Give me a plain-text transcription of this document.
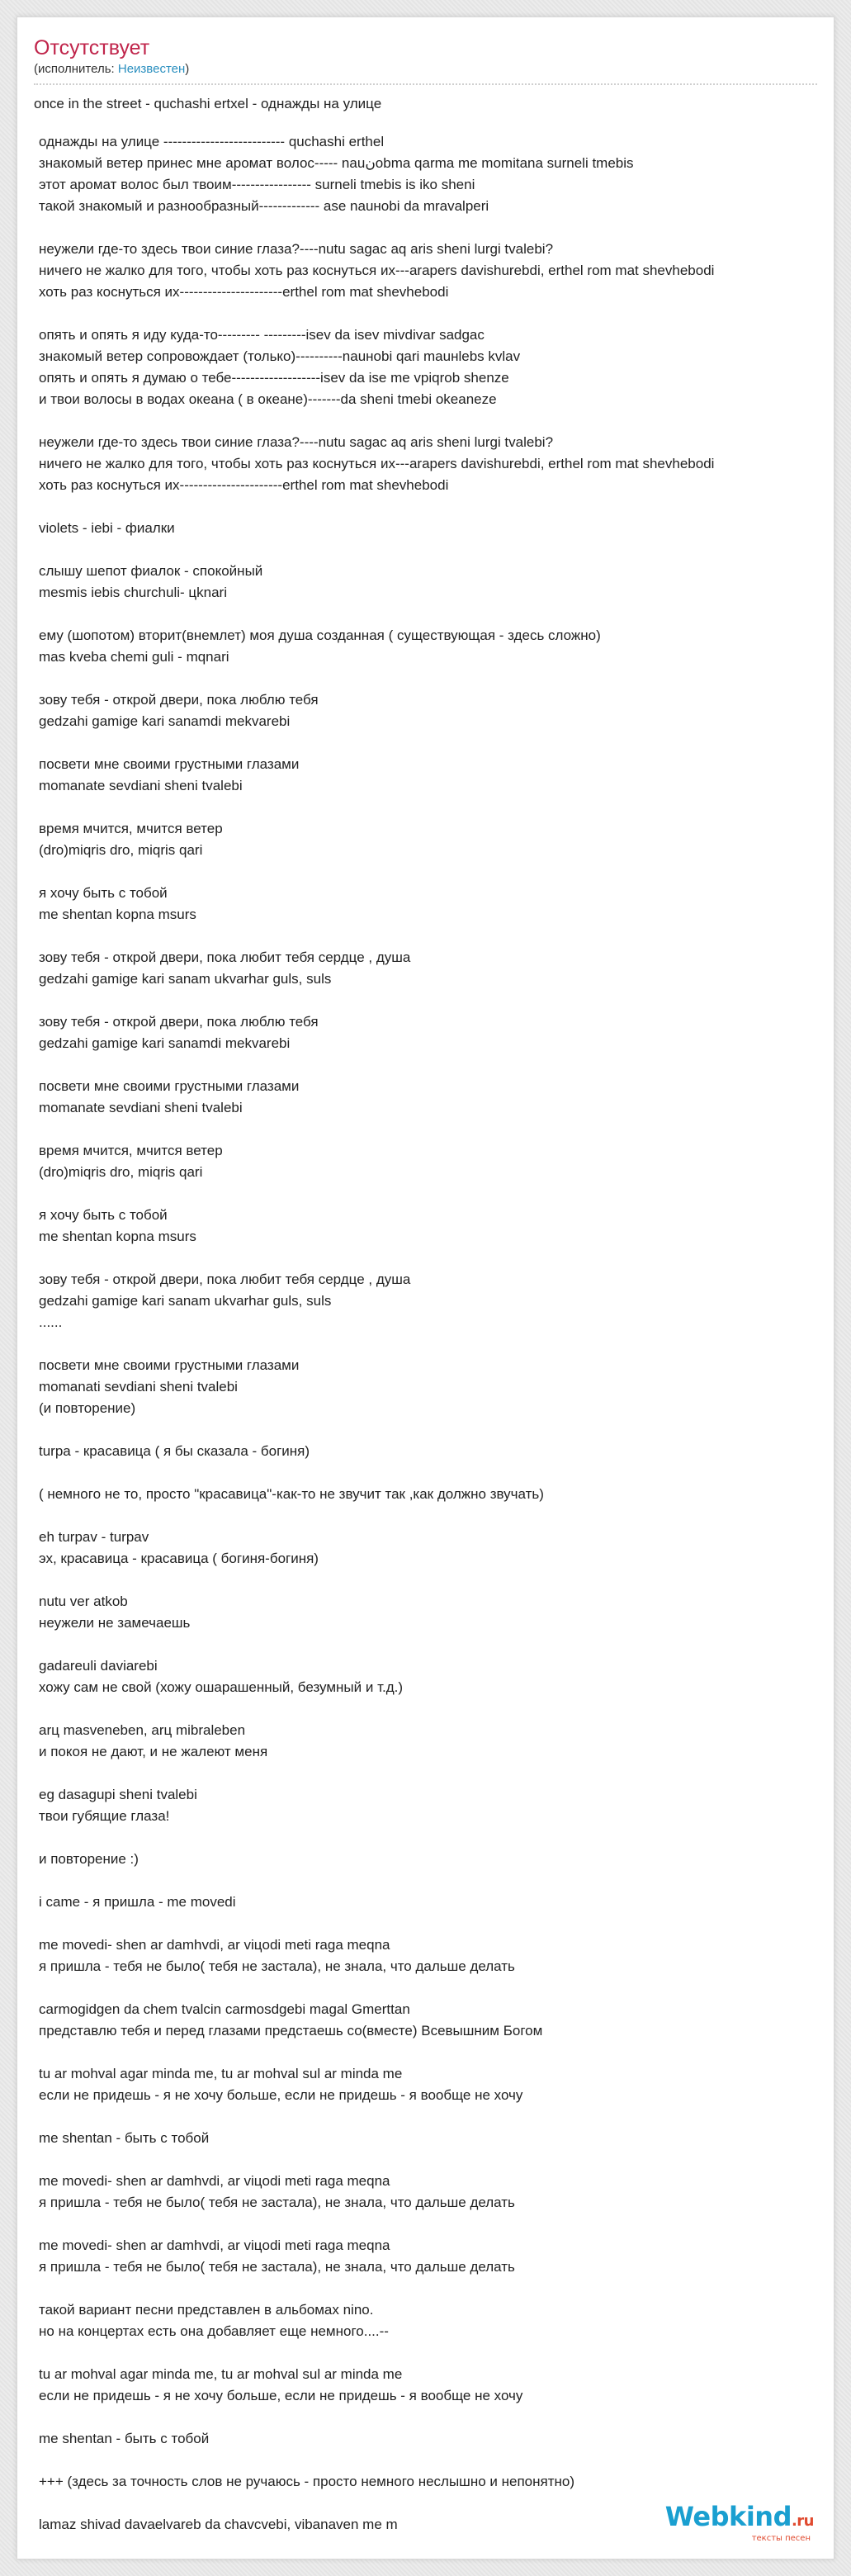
Отсутствует
(исполнитель: Неизвестен)
once in the street - quchashi ertxel - однажды на улице
однажды на улице -------------------------- quchashi erthel
знакомый ветер принес мне аромат волос----- nauنobma qarma me momitana surneli tmebis
этот аромат волос был твоим----------------- surneli tmebis is iko sheni
такой знакомый и разнообразный------------- ase nauнobi da mravalperi
неужели где-то здесь твои синие глаза?----nutu sagac aq aris sheni lurgi tvalebi?
ничего не жалко для того, чтобы хоть раз коснуться их---arapers davishurebdi, erthel rom mat shevhebodi
хоть раз коснуться их----------------------erthel rom mat shevhebodi
опять и опять я иду куда-то--------- ---------isev da isev mivdivar sadgac
знакомый ветер сопровождает (только)----------nauнobi qari mauнlebs kvlav
опять и опять я думаю о тебе-------------------isev da ise me vpiqrob shenze
и твои волосы в водах океана ( в океане)-------da sheni tmebi okeaneze
неужели где-то здесь твои синие глаза?----nutu sagac aq aris sheni lurgi tvalebi?
ничего не жалко для того, чтобы хоть раз коснуться их---arapers davishurebdi, erthel rom mat shevhebodi
хоть раз коснуться их----------------------erthel rom mat shevhebodi
violets - iebi - фиалки
слышу шепот фиалок - спокойный
mesmis iebis churchuli- цknari
ему (шопотом) вторит(внемлет) моя душа созданная ( существующая - здесь сложно)
mas kveba chemi guli - mqnari
зову тебя - открой двери, пока люблю тебя
gedzahi gamige kari sanamdi mekvarebi
посвети мне своими грустными глазами
momanate sevdiani sheni tvalebi
время мчится, мчится ветер
(dro)miqris dro, miqris qari
я хочу быть с тобой
me shentan kopna msurs
зову тебя - открой двери, пока любит тебя сердце , душа
gedzahi gamige kari sanam ukvarhar guls, suls
зову тебя - открой двери, пока люблю тебя
gedzahi gamige kari sanamdi mekvarebi
посвети мне своими грустными глазами
momanate sevdiani sheni tvalebi
время мчится, мчится ветер
(dro)miqris dro, miqris qari
я хочу быть с тобой
me shentan kopna msurs
зову тебя - открой двери, пока любит тебя сердце , душа
gedzahi gamige kari sanam ukvarhar guls, suls
......
посвети мне своими грустными глазами
momanati sevdiani sheni tvalebi
(и повторение)
turpa - красавица ( я бы сказала - богиня)
( немного не то, просто "красавица"-как-то не звучит так ,как должно звучать)
eh turpav - turpav
эх, красавица - красавица ( богиня-богиня)
nutu ver atkob
неужели не замечаешь
gadareuli daviarebi
хожу сам не свой (хожу ошарашенный, безумный и т.д.)
arц masveneben, arц mibraleben
и покоя не дают, и не жалеют меня
eg dasagupi sheni tvalebi
твои губящие глаза!
и повторение :)
i came - я пришла - me movedi
me movedi- shen ar damhvdi, ar viцodi meti raga meqna
я пришла - тебя не было( тебя не застала), не знала, что дальше делать
carmogidgen da chem tvalcin carmosdgebi magal Gmerttan
представлю тебя и перед глазами предстаешь со(вместе) Всевышним Богом
tu ar mohval agar minda me, tu ar mohval sul ar minda me
если не придешь - я не хочу больше, если не придешь - я вообще не хочу
me shentan - быть с тобой
me movedi- shen ar damhvdi, ar viцodi meti raga meqna
я пришла - тебя не было( тебя не застала), не знала, что дальше делать
me movedi- shen ar damhvdi, ar viцodi meti raga meqna
я пришла - тебя не было( тебя не застала), не знала, что дальше делать
такой вариант песни представлен в альбомах nino.
но на концертах есть она добавляет еще немного....--
tu ar mohval agar minda me, tu ar mohval sul ar minda me
если не придешь - я не хочу больше, если не придешь - я вообще не хочу
me shentan - быть с тобой
+++ (здесь за точность слов не ручаюсь - просто немного неслышно и непонятно)
lamaz shivad davaelvareb da chavcvebi, vibanaven me m	Webkind.ru
тексты песен
